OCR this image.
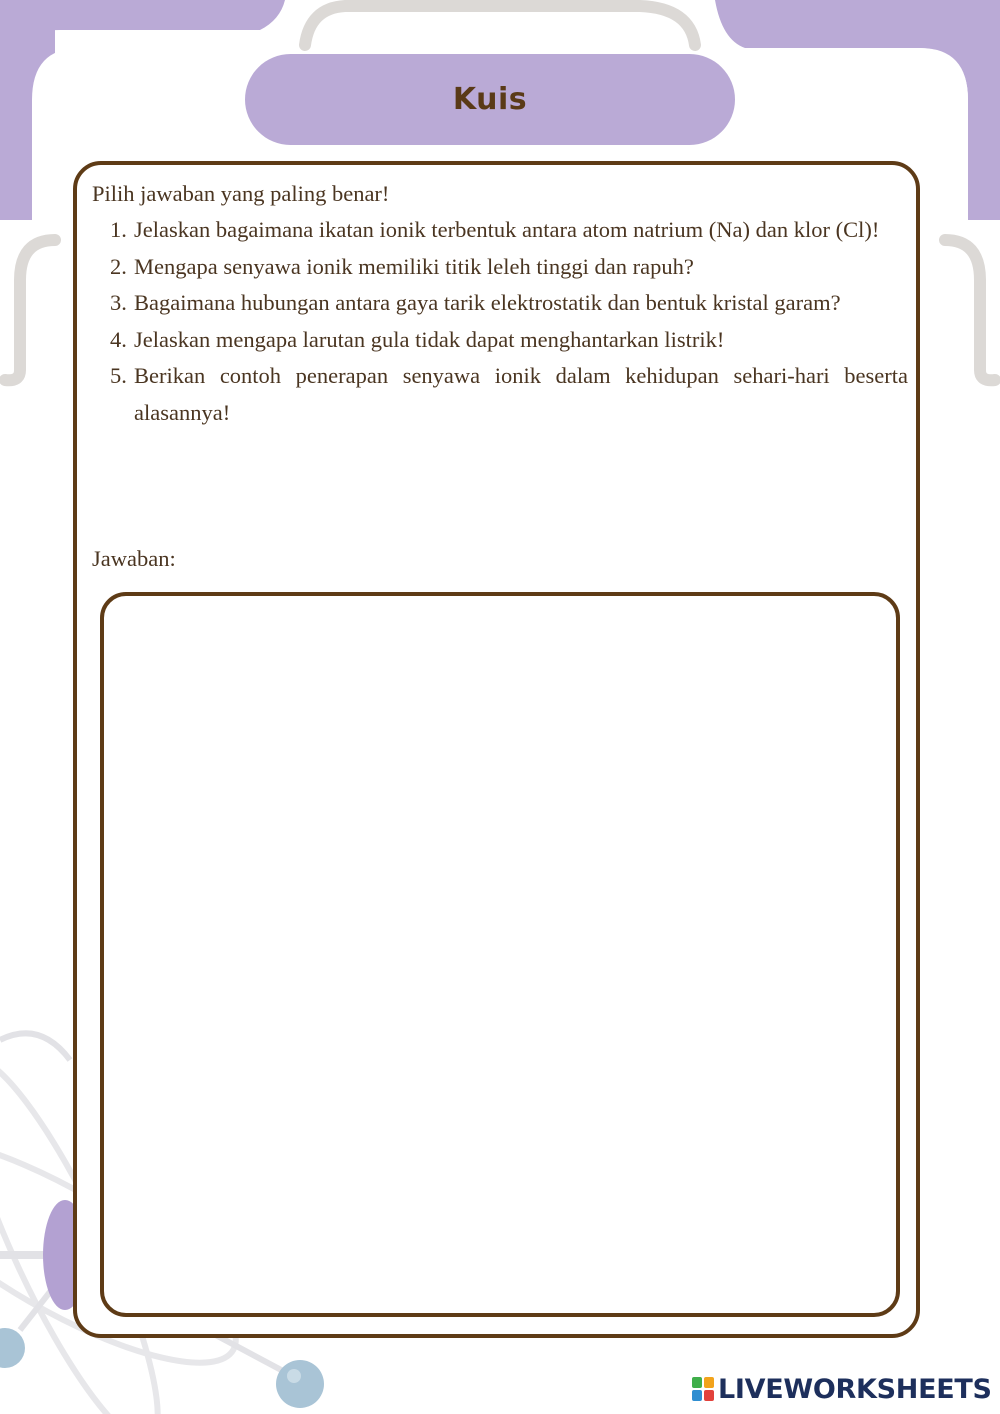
Kuis
Pilih jawaban yang paling benar!
1. Jelaskan bagaimana ikatan ionik terbentuk antara atom natrium (Na) dan klor (Cl)!
2. Mengapa senyawa ionik memiliki titik leleh tinggi dan rapuh?
3. Bagaimana hubungan antara gaya tarik elektrostatik dan bentuk kristal garam?
4. Jelaskan mengapa larutan gula tidak dapat menghantarkan listrik!
5. Berikan contoh penerapan senyawa ionik dalam kehidupan sehari-hari beserta alasannya!
Jawaban:
LIVEWORKSHEETS
